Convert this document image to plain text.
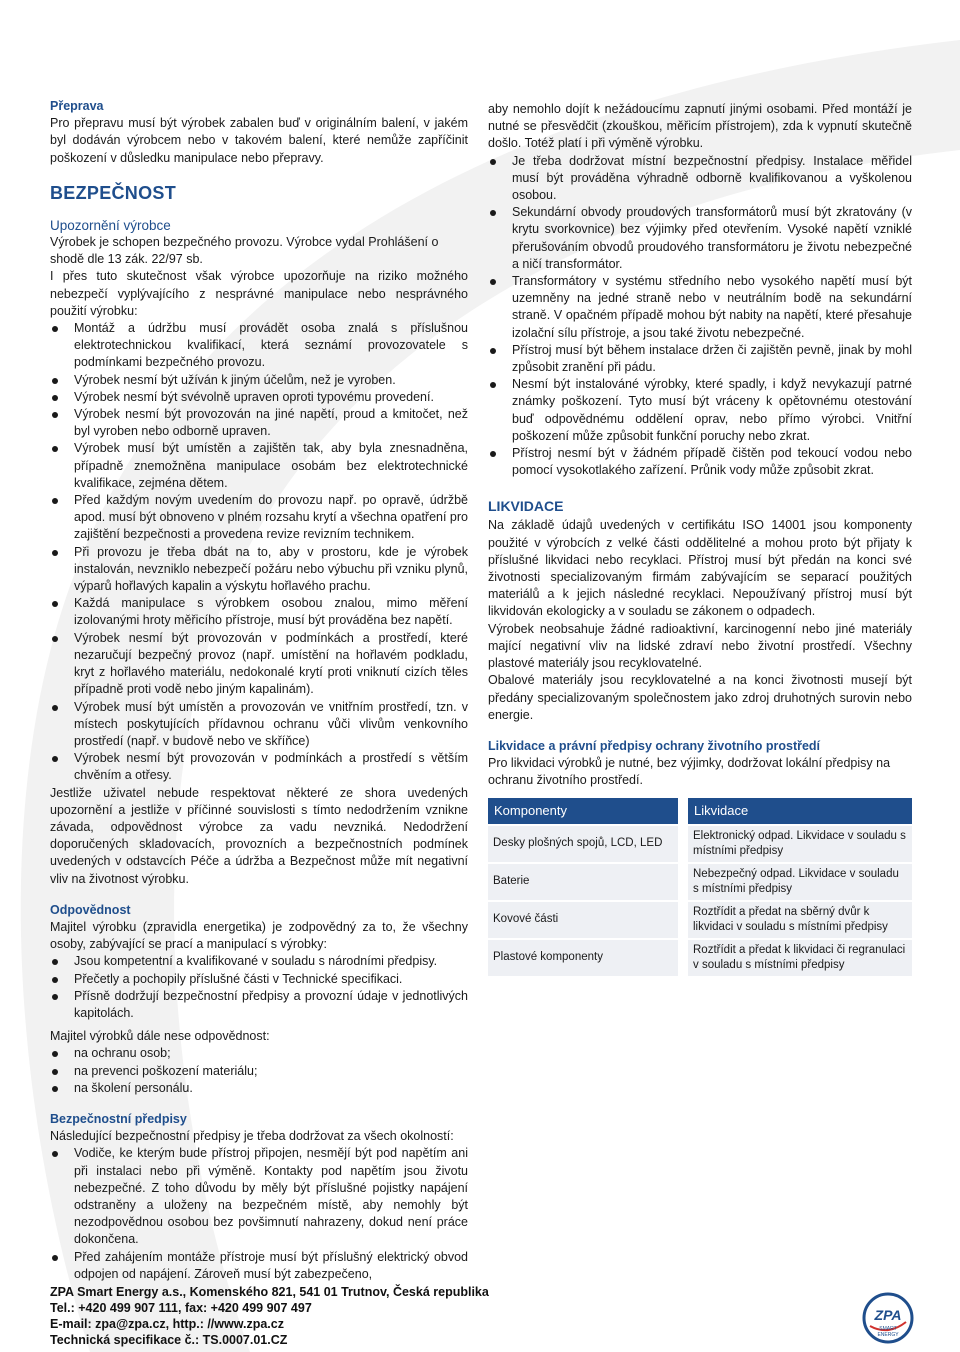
Přeprava

Pro přepravu musí být výrobek zabalen buď v originálním balení, v jakém byl dodáván výrobcem nebo v takovém balení, které nemůže zapříčinit poškození v důsledku manipulace nebo přepravy.

BEZPEČNOST

Upozornění výrobce

Výrobek je schopen bezpečného provozu. Výrobce vydal Prohlášení o shodě dle 13 zák. 22/97 sb.

I přes tuto skutečnost však výrobce upozorňuje na riziko možného nebezpečí vyplývajícího z nesprávné manipulace nebo nesprávného použití výrobku:

Montáž a údržbu musí provádět osoba znalá s příslušnou elektrotechnickou kvalifikací, která seznámí provozovatele s podmínkami bezpečného provozu.
Výrobek nesmí být užíván k jiným účelům, než je vyroben.
Výrobek nesmí být svévolně upraven oproti typovému provedení.
Výrobek nesmí být provozován na jiné napětí, proud a kmitočet, než byl vyroben nebo odborně upraven.
Výrobek musí být umístěn a zajištěn tak, aby byla znesnadněna, případně znemožněna manipulace osobám bez elektrotechnické kvalifikace, zejména dětem.
Před každým novým uvedením do provozu např. po opravě, údržbě apod. musí být obnoveno v plném rozsahu krytí a všechna opatření pro zajištění bezpečnosti a provedena revize revizním technikem.
Při provozu je třeba dbát na to, aby v prostoru, kde je výrobek instalován, nevzniklo nebezpečí požáru nebo výbuchu při vzniku plynů, výparů hořlavých kapalin a výskytu hořlavého prachu.
Každá manipulace s výrobkem osobou znalou, mimo měření izolovanými hroty měřicího přístroje, musí být prováděna bez napětí.
Výrobek nesmí být provozován v podmínkách a prostředí, které nezaručují bezpečný provoz (např. umístění na hořlavém podkladu, kryt z hořlavého materiálu, nedokonalé krytí proti vniknutí cizích těles případně proti vodě nebo jiným kapalinám).
Výrobek musí být umístěn a provozován ve vnitřním prostředí, tzn. v místech poskytujících přídavnou ochranu vůči vlivům venkovního prostředí (např. v budově nebo ve skříňce)
Výrobek nesmí být provozován v podmínkách a prostředí s větším chvěním a otřesy.

Jestliže uživatel nebude respektovat některé ze shora uvedených upozornění a jestliže v příčinné souvislosti s tímto nedodržením vznikne závada, odpovědnost výrobce za vadu nevzniká. Nedodržení doporučených skladovacích, provozních a bezpečnostních podmínek uvedených v odstavcích Péče a údržba a Bezpečnost může mít negativní vliv na životnost výrobku.

Odpovědnost

Majitel výrobku (zpravidla energetika) je zodpovědný za to, že všechny osoby, zabývající se prací a manipulací s výrobky:

Jsou kompetentní a kvalifikované v souladu s národními předpisy.
Přečetly a pochopily příslušné části v Technické specifikaci.
Přísně dodržují bezpečnostní předpisy a provozní údaje v jednotlivých kapitolách.

Majitel výrobků dále nese odpovědnost:

na ochranu osob;
na prevenci poškození materiálu;
na školení personálu.

Bezpečnostní předpisy

Následující bezpečnostní předpisy je třeba dodržovat za všech okolností:

Vodiče, ke kterým bude přístroj připojen, nesmějí být pod napětím ani při instalaci nebo při výměně. Kontakty pod napětím jsou životu nebezpečné. Z toho důvodu by měly být příslušné pojistky napájení odstraněny a uloženy na bezpečném místě, aby nemohly být nezodpovědnou osobou bez povšimnutí nahrazeny, dokud není práce dokončena.
Před zahájením montáže přístroje musí být příslušný elektrický obvod odpojen od napájení. Zároveň musí být zabezpečeno,

aby nemohlo dojít k nežádoucímu zapnutí jinými osobami. Před montáží je nutné se přesvědčit (zkouškou, měřicím přístrojem), zda k vypnutí skutečně došlo. Totéž platí i při výměně výrobku.

Je třeba dodržovat místní bezpečnostní předpisy. Instalace měřidel musí být prováděna výhradně odborně kvalifikovanou a vyškolenou osobou.
Sekundární obvody proudových transformátorů musí být zkratovány (v krytu svorkovnice) bez výjimky před otevřením. Vysoké napětí vzniklé přerušováním obvodů proudového transformátoru je životu nebezpečné a ničí transformátor.
Transformátory v systému středního nebo vysokého napětí musí být uzemněny na jedné straně nebo v neutrálním bodě na sekundární straně. V opačném případě mohou být nabity na napětí, které přesahuje izolační sílu přístroje, a jsou také životu nebezpečné.
Přístroj musí být během instalace držen či zajištěn pevně, jinak by mohl způsobit zranění při pádu.
Nesmí být instalováné výrobky, které spadly, i když nevykazují patrné známky poškození. Tyto musí být vráceny k opětovnému otestování buď odpovědnému oddělení oprav, nebo přímo výrobci. Vnitřní poškození může způsobit funkční poruchy nebo zkrat.
Přístroj nesmí být v žádném případě čištěn pod tekoucí vodou nebo pomocí vysokotlakého zařízení. Průnik vody může způsobit zkrat.
LIKVIDACE

Na základě údajů uvedených v certifikátu ISO 14001 jsou komponenty použité v výrobcích z velké části oddělitelné a mohou proto být přijaty k příslušné likvidaci nebo recyklaci. Přístroj musí být předán na konci své životnosti specializovaným firmám zabývajícím se separací použitých materiálů a k jejich následné recyklaci. Nepoužívaný přístroj musí být likvidován ekologicky a v souladu se zákonem o odpadech.

Výrobek neobsahuje žádné radioaktivní, karcinogenní nebo jiné materiály mající negativní vliv na lidské zdraví nebo životní prostředí. Všechny plastové materiály jsou recyklovatelné.

Obalové materiály jsou recyklovatelné a na konci životnosti musejí být předány specializovaným společnostem jako zdroj druhotných surovin nebo energie.

Likvidace a právní předpisy ochrany životního prostředí

Pro likvidaci výrobků je nutné, bez výjimky, dodržovat lokální předpisy na ochranu životního prostředí.

Komponenty	Likvidace
Desky plošných spojů, LCD, LED	Elektronický odpad. Likvidace v souladu s místními předpisy
Baterie	Nebezpečný odpad. Likvidace v souladu s místními předpisy
Kovové části	Roztřídit a předat na sběrný dvůr k likvidaci v souladu s místními předpisy
Plastové komponenty	Roztřídit a předat k likvidaci či regranulaci v souladu s místními předpisy
ZPA Smart Energy a.s., Komenského 821, 541 01 Trutnov, Česká republika
Tel.: +420 499 907 111, fax: +420 499 907 497
E-mail: zpa@zpa.cz, http.: //www.zpa.cz
Technická specifikace č.: TS.0007.01.CZ
ZPA
SMART
ENERGY
